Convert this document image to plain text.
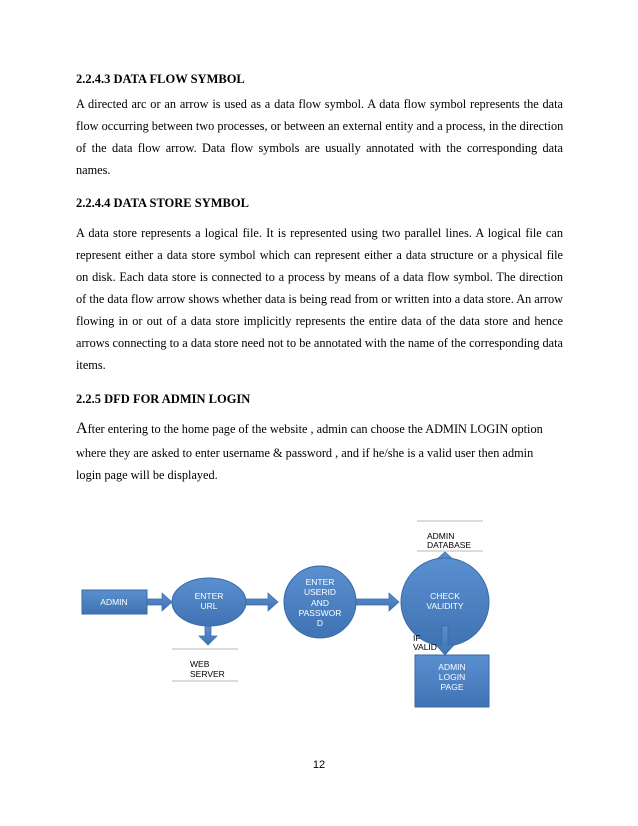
2.2.4.3 DATA FLOW SYMBOL

A directed arc or an arrow is used as a data flow symbol. A data flow symbol represents the data
flow occurring between two processes, or between an external entity and a process, in the direction
of the data flow arrow. Data flow symbols are usually annotated with the corresponding data
names.

2.2.4.4 DATA STORE SYMBOL

A data store represents a logical file. It is represented using two parallel lines. A logical file can
represent either a data store symbol which can represent either a data structure or a physical file
on disk. Each data store is connected to a process by means of a data flow symbol. The direction
of the data flow arrow shows whether data is being read from or written into a data store. An arrow
flowing in or out of a data store implicitly represents the entire data of the data store and hence
arrows connecting to a data store need not to be annotated with the name of the corresponding data
items.

2.2.5 DFD FOR ADMIN LOGIN

After entering to the home page of the website , admin can choose the ADMIN LOGIN option
where they are asked to enter username & password , and if he/she is a valid user then admin
login page will be displayed.

ADMIN
DATABASE
ADMIN
ENTER
URL
WEB
SERVER
ENTER
USERID
AND
PASSWOR
D
CHECK
VALIDITY
IF
VALID
ADMIN
LOGIN
PAGE
12
